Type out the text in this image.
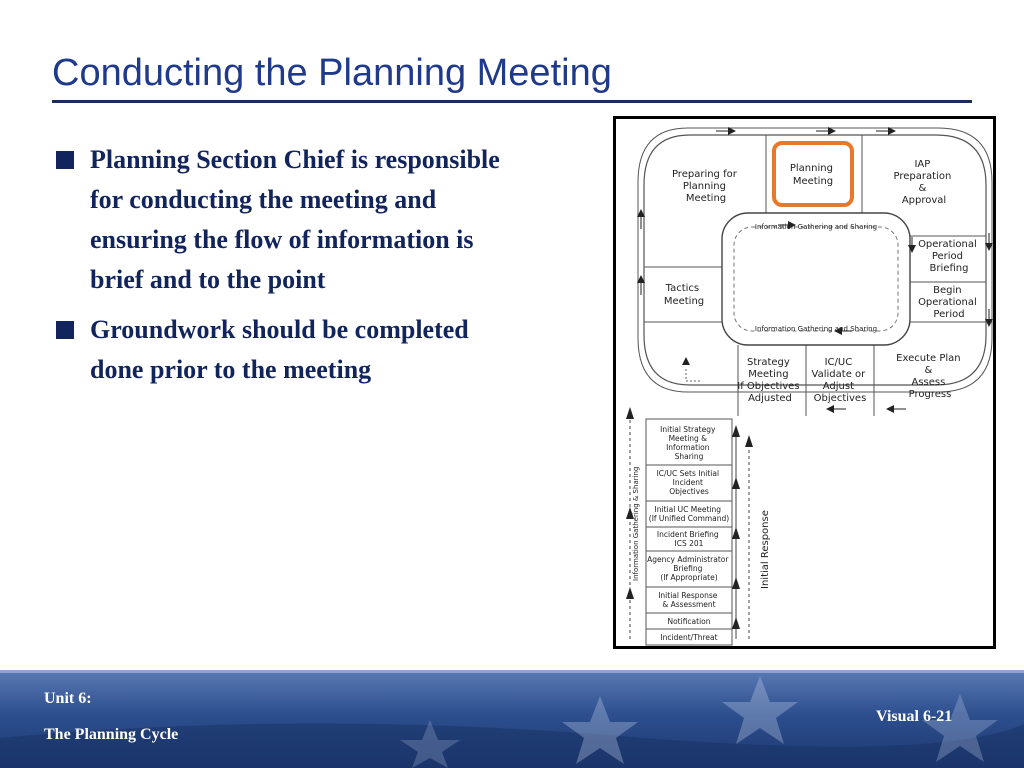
Conducting the Planning Meeting
Planning Section Chief is responsible for conducting the meeting and ensuring the flow of information is brief and to the point
Groundwork should be completed done prior to the meeting
Preparing for Planning Meeting
Planning Meeting
IAP Preparation & Approval
Operational Period Briefing
Begin Operational Period
Execute Plan & Assess Progress
IC/UC Validate or Adjust Objectives
Strategy Meeting If Objectives Adjusted
Tactics Meeting
Information Gathering and Sharing
Information Gathering and Sharing
Initial Strategy Meeting & Information Sharing
IC/UC Sets Initial Incident Objectives
Initial UC Meeting (If Unified Command)
Incident Briefing ICS 201
Agency Administrator Briefing (If Appropriate)
Initial Response & Assessment
Notification
Incident/Threat
Information Gathering & Sharing	Initial Response
Unit 6:
The Planning Cycle
Visual 6-21
